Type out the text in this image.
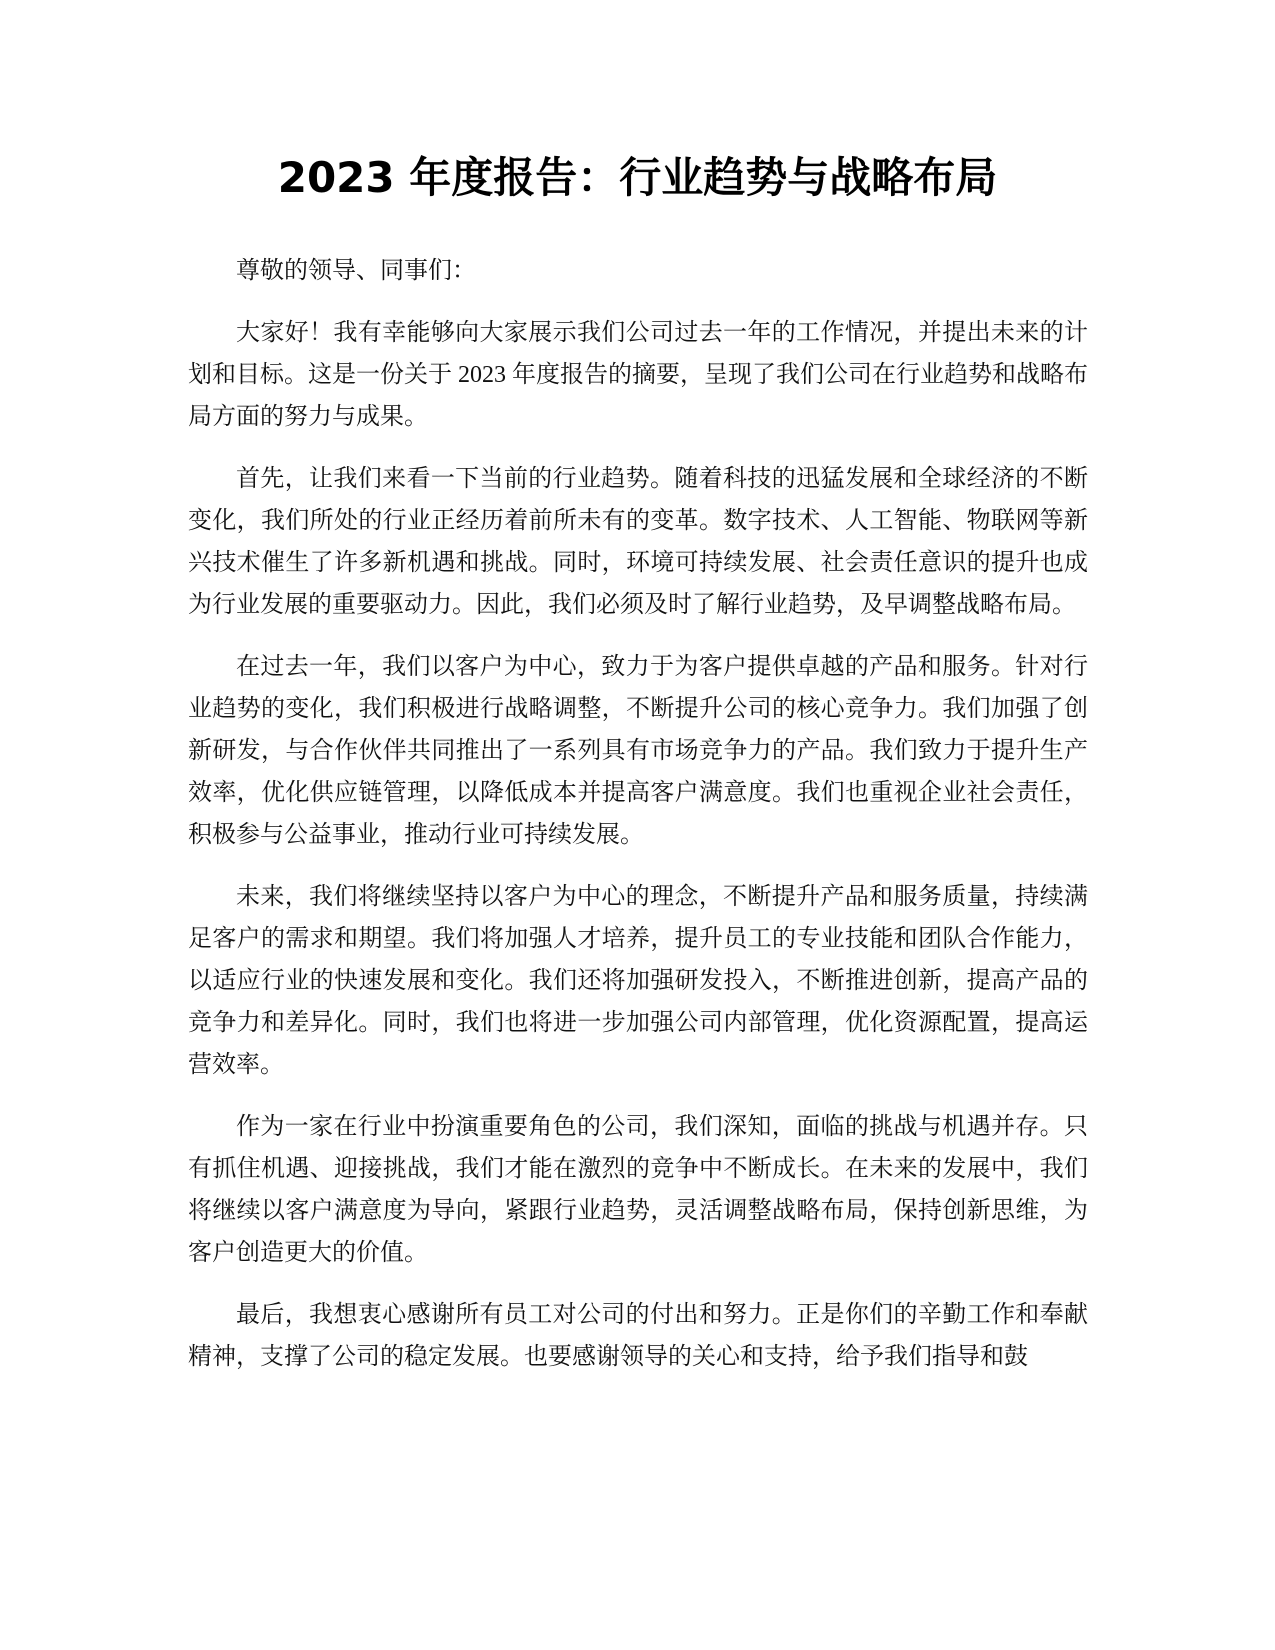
2023 年度报告：行业趋势与战略布局

尊敬的领导、同事们：

大家好！我有幸能够向大家展示我们公司过去一年的工作情况，并提出未来的计划和目标。这是一份关于 2023 年度报告的摘要，呈现了我们公司在行业趋势和战略布局方面的努力与成果。

首先，让我们来看一下当前的行业趋势。随着科技的迅猛发展和全球经济的不断变化，我们所处的行业正经历着前所未有的变革。数字技术、人工智能、物联网等新兴技术催生了许多新机遇和挑战。同时，环境可持续发展、社会责任意识的提升也成为行业发展的重要驱动力。因此，我们必须及时了解行业趋势，及早调整战略布局。

在过去一年，我们以客户为中心，致力于为客户提供卓越的产品和服务。针对行业趋势的变化，我们积极进行战略调整，不断提升公司的核心竞争力。我们加强了创新研发，与合作伙伴共同推出了一系列具有市场竞争力的产品。我们致力于提升生产效率，优化供应链管理，以降低成本并提高客户满意度。我们也重视企业社会责任，积极参与公益事业，推动行业可持续发展。

未来，我们将继续坚持以客户为中心的理念，不断提升产品和服务质量，持续满足客户的需求和期望。我们将加强人才培养，提升员工的专业技能和团队合作能力，以适应行业的快速发展和变化。我们还将加强研发投入，不断推进创新，提高产品的竞争力和差异化。同时，我们也将进一步加强公司内部管理，优化资源配置，提高运营效率。

作为一家在行业中扮演重要角色的公司，我们深知，面临的挑战与机遇并存。只有抓住机遇、迎接挑战，我们才能在激烈的竞争中不断成长。在未来的发展中，我们将继续以客户满意度为导向，紧跟行业趋势，灵活调整战略布局，保持创新思维，为客户创造更大的价值。

最后，我想衷心感谢所有员工对公司的付出和努力。正是你们的辛勤工作和奉献精神，支撑了公司的稳定发展。也要感谢领导的关心和支持，给予我们指导和鼓
